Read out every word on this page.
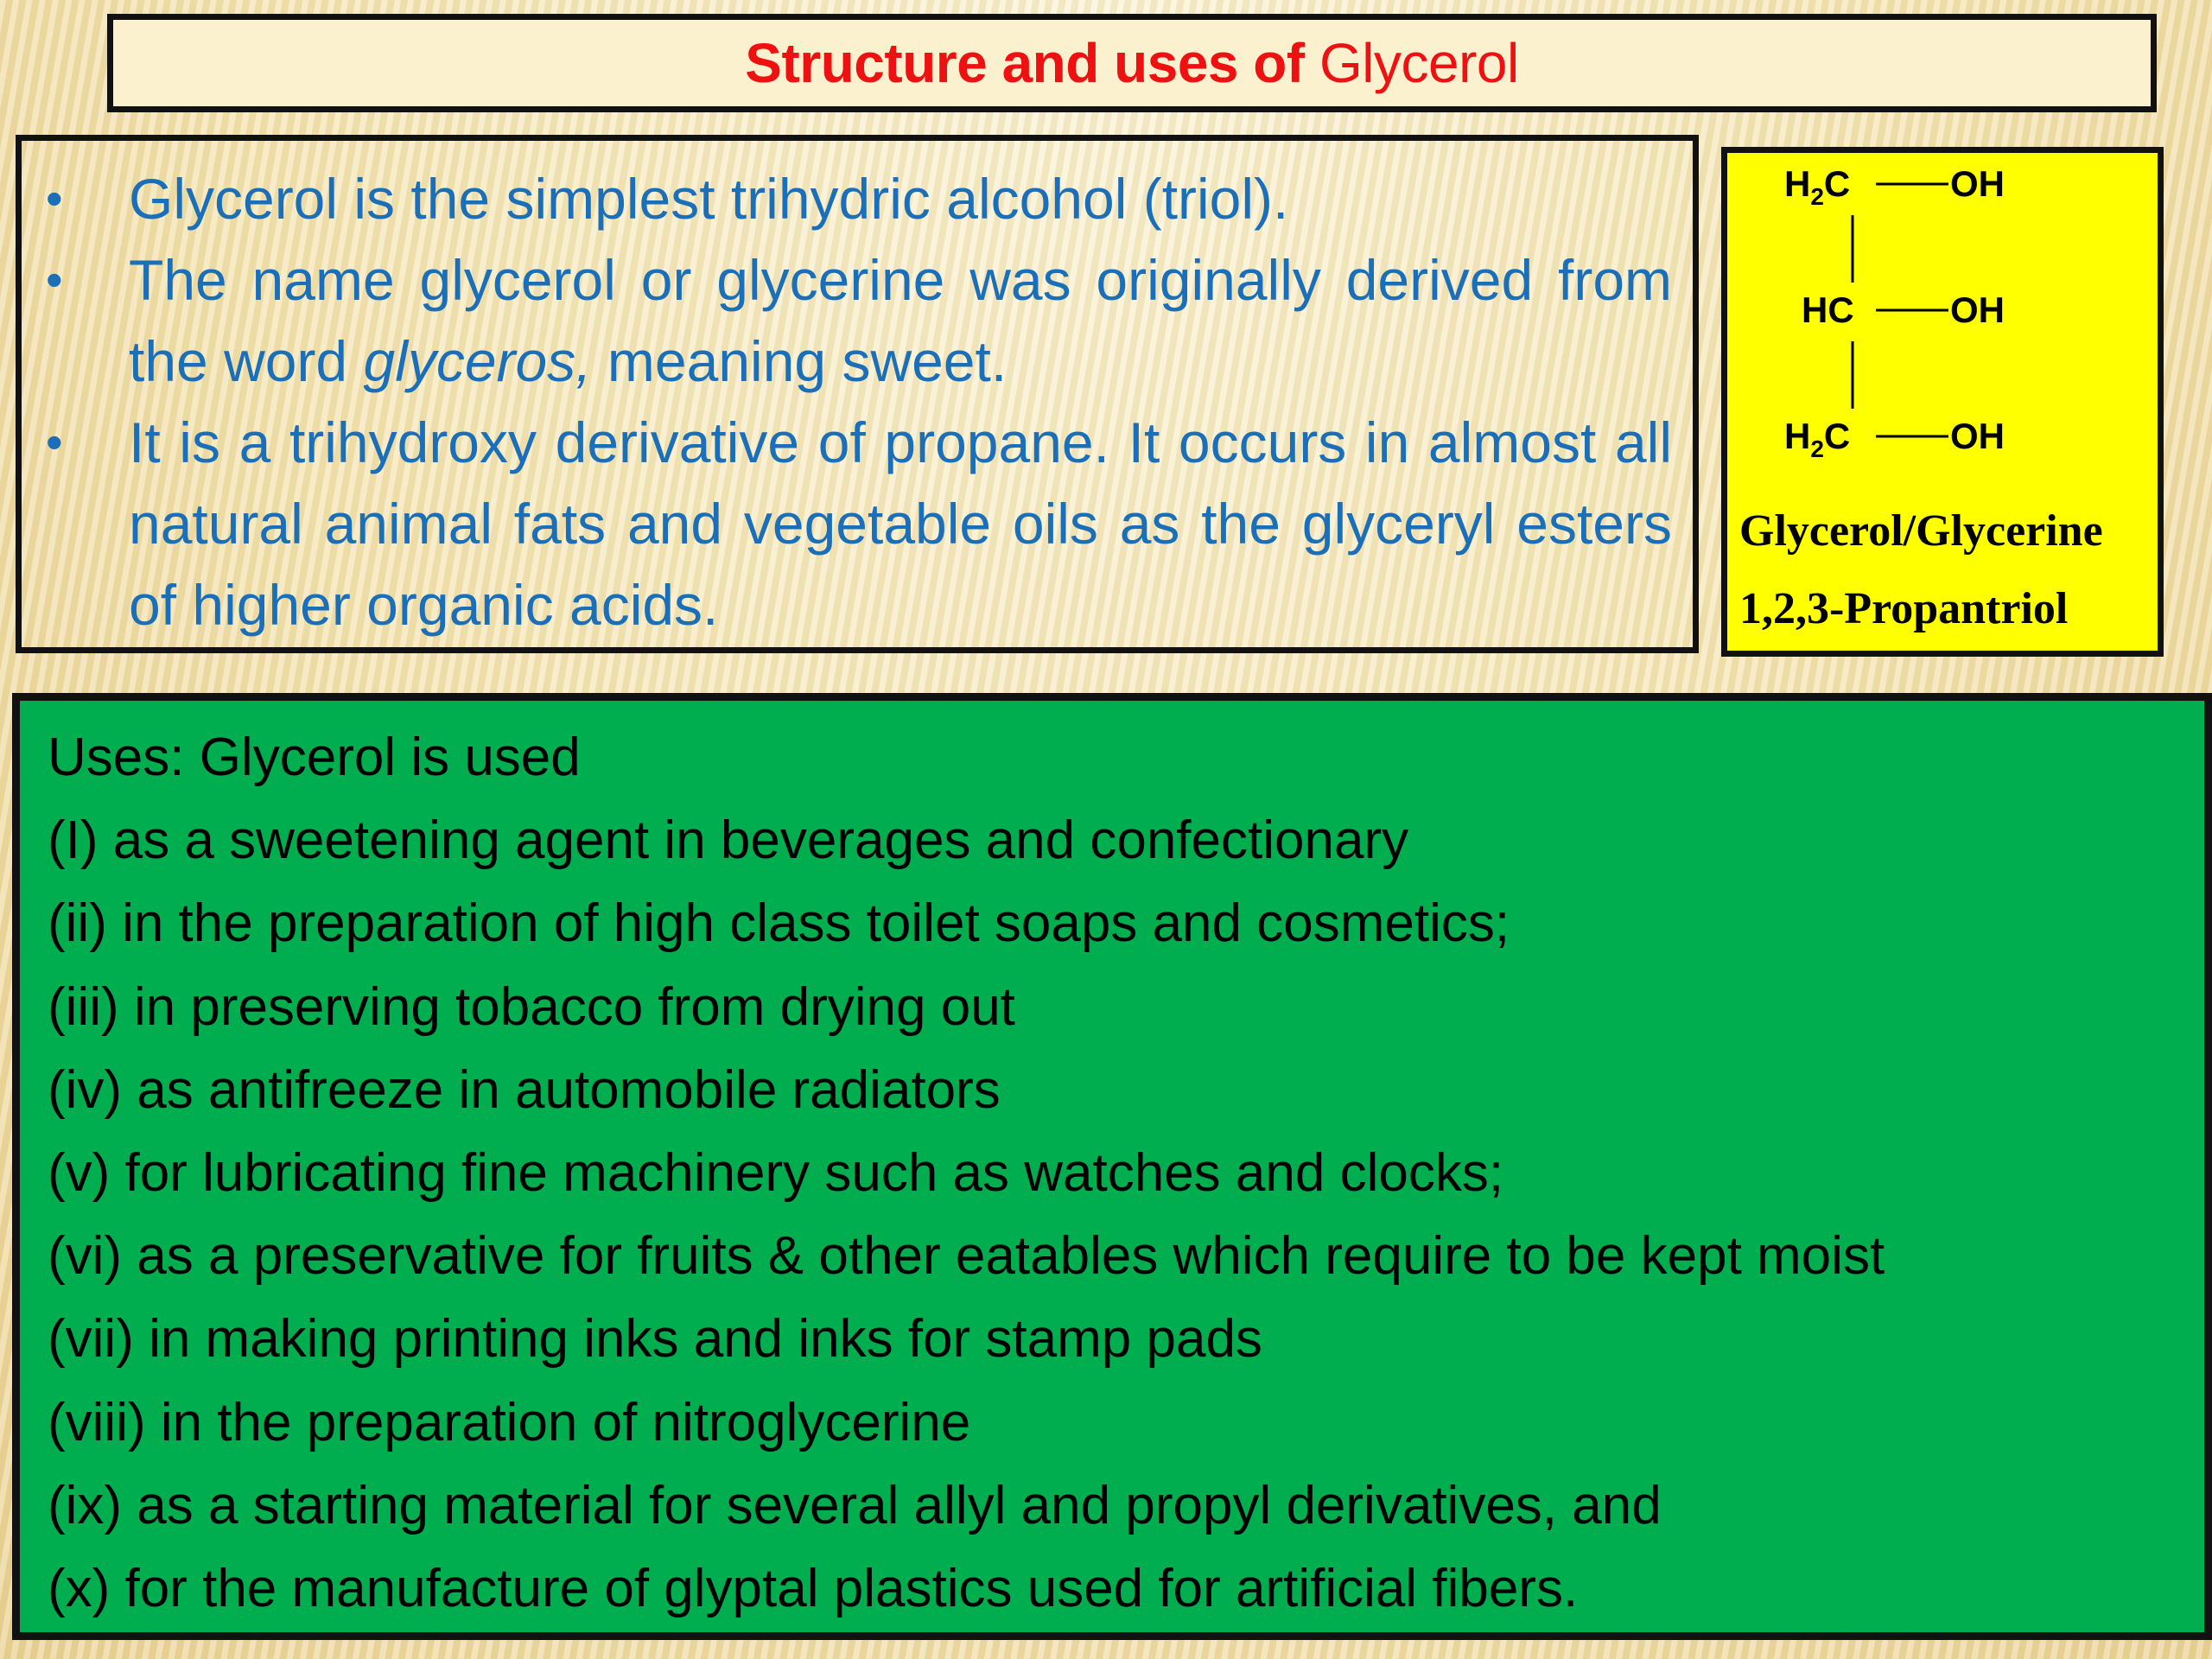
Structure and uses of Glycerol
• Glycerol is the simplest trihydric alcohol (triol).
• The name glycerol or glycerine was originally derived from the word glyceros, meaning sweet.
• It is a trihydroxy derivative of propane. It occurs in almost all natural animal fats and vegetable oils as the glyceryl esters of higher organic acids.
$H_2C$	OH
HC	OH
$H_2C$	OH
Glycerol/Glycerine
1,2,3-Propantriol
Uses: Glycerol is used
(I) as a sweetening agent in beverages and confectionary
(ii) in the preparation of high class toilet soaps and cosmetics;
(iii) in preserving tobacco from drying out
(iv) as antifreeze in automobile radiators
(v) for lubricating fine machinery such as watches and clocks;
(vi) as a preservative for fruits & other eatables which require to be kept moist
(vii) in making printing inks and inks for stamp pads
(viii) in the preparation of nitroglycerine
(ix) as a starting material for several allyl and propyl derivatives, and
(x) for the manufacture of glyptal plastics used for artificial fibers.
